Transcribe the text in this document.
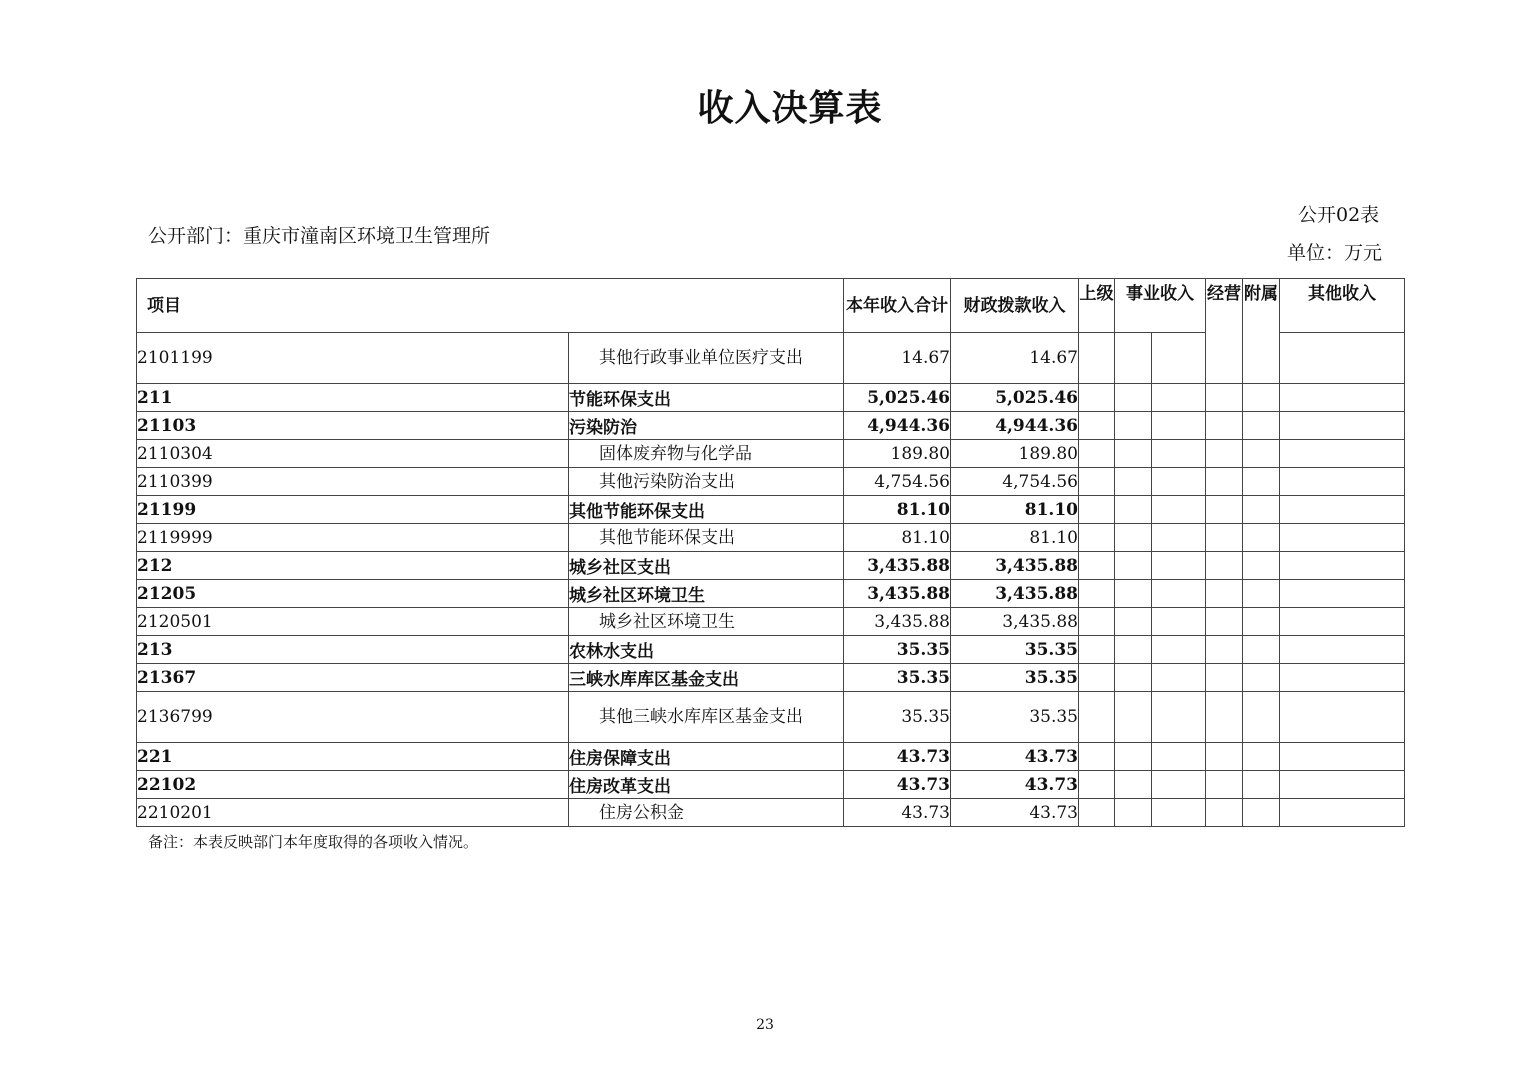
收入决算表
公开02表
公开部门：重庆市潼南区环境卫生管理所
单位：万元
项目		本年收入合计	财政拨款收入	上级	事业收入		经营	附属	其他收入
2101199	其他行政事业单位医疗支出	14.67	14.67						
211	节能环保支出	5,025.46	5,025.46						
21103	污染防治	4,944.36	4,944.36						
2110304	固体废弃物与化学品	189.80	189.80						
2110399	其他污染防治支出	4,754.56	4,754.56						
21199	其他节能环保支出	81.10	81.10						
2119999	其他节能环保支出	81.10	81.10						
212	城乡社区支出	3,435.88	3,435.88						
21205	城乡社区环境卫生	3,435.88	3,435.88						
2120501	城乡社区环境卫生	3,435.88	3,435.88						
213	农林水支出	35.35	35.35						
21367	三峡水库库区基金支出	35.35	35.35						
2136799	其他三峡水库库区基金支出	35.35	35.35						
221	住房保障支出	43.73	43.73						
22102	住房改革支出	43.73	43.73						
2210201	住房公积金	43.73	43.73						
备注：本表反映部门本年度取得的各项收入情况。
23
